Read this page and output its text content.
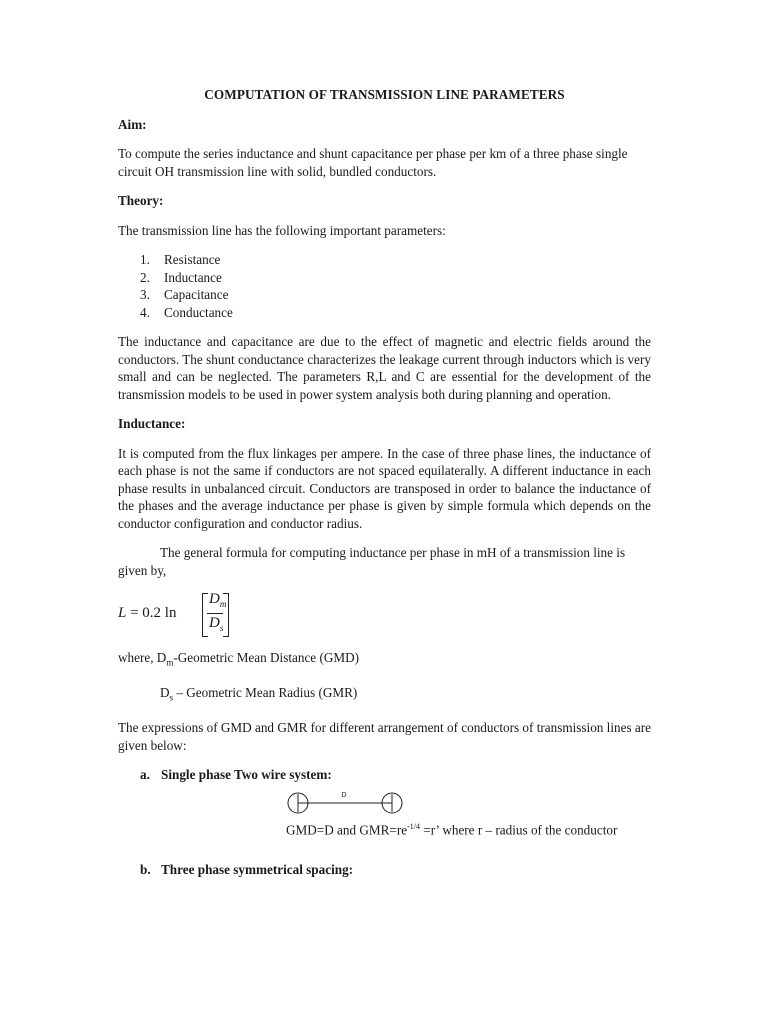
COMPUTATION OF TRANSMISSION LINE PARAMETERS
Aim:

To compute the series inductance and shunt capacitance per phase per km of a three phase single circuit OH transmission line with solid, bundled conductors.

Theory:

The transmission line has the following important parameters:

1.	Resistance
2.	Inductance
3.	Capacitance
4.	Conductance

The inductance and capacitance are due to the effect of magnetic and electric fields around the conductors. The shunt conductance characterizes the leakage current through inductors which is very small and can be neglected. The parameters R,L and C are essential for the development of the transmission models to be used in power system analysis both during planning and operation.

Inductance:

It is computed from the flux linkages per ampere. In the case of three phase lines, the inductance of each phase is not the same if conductors are not spaced equilaterally. A different inductance in each phase results in unbalanced circuit. Conductors are transposed in order to balance the inductance of the phases and the average inductance per phase is given by simple formula which depends on the conductor configuration and conductor radius.

The general formula for computing inductance per phase in mH of a transmission line is given by,

L = 0.2 ln
$D_m$
$D_s$

where, $D_m$-Geometric Mean Distance (GMD)

$D_s$ – Geometric Mean Radius (GMR)

The expressions of GMD and GMR for different arrangement of conductors of transmission lines are given below:

a. Single phase Two wire system:
D

GMD=D and $GMR=re^{-1/4} =r$’ where r – radius of the conductor

b. Three phase symmetrical spacing:
